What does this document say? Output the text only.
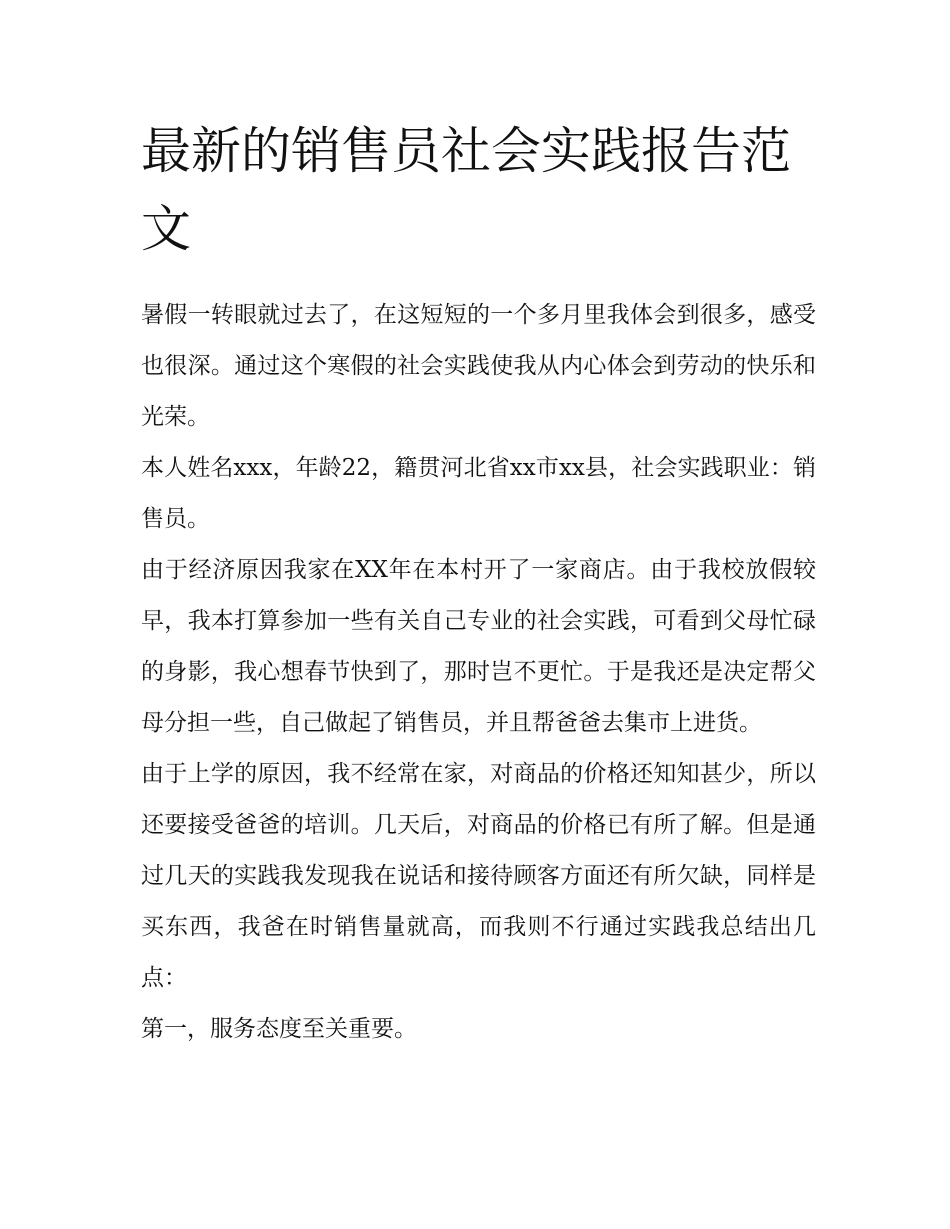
最新的销售员社会实践报告范文

暑假一转眼就过去了，在这短短的一个多月里我体会到很多，感受也很深。通过这个寒假的社会实践使我从内心体会到劳动的快乐和光荣。

本人姓名xxx，年龄22，籍贯河北省xx市xx县，社会实践职业：销售员。

由于经济原因我家在XX年在本村开了一家商店。由于我校放假较早，我本打算参加一些有关自己专业的社会实践，可看到父母忙碌的身影，我心想春节快到了，那时岂不更忙。于是我还是决定帮父母分担一些，自己做起了销售员，并且帮爸爸去集市上进货。

由于上学的原因，我不经常在家，对商品的价格还知知甚少，所以还要接受爸爸的培训。几天后，对商品的价格已有所了解。但是通过几天的实践我发现我在说话和接待顾客方面还有所欠缺，同样是买东西，我爸在时销售量就高，而我则不行通过实践我总结出几点：

第一，服务态度至关重要。
